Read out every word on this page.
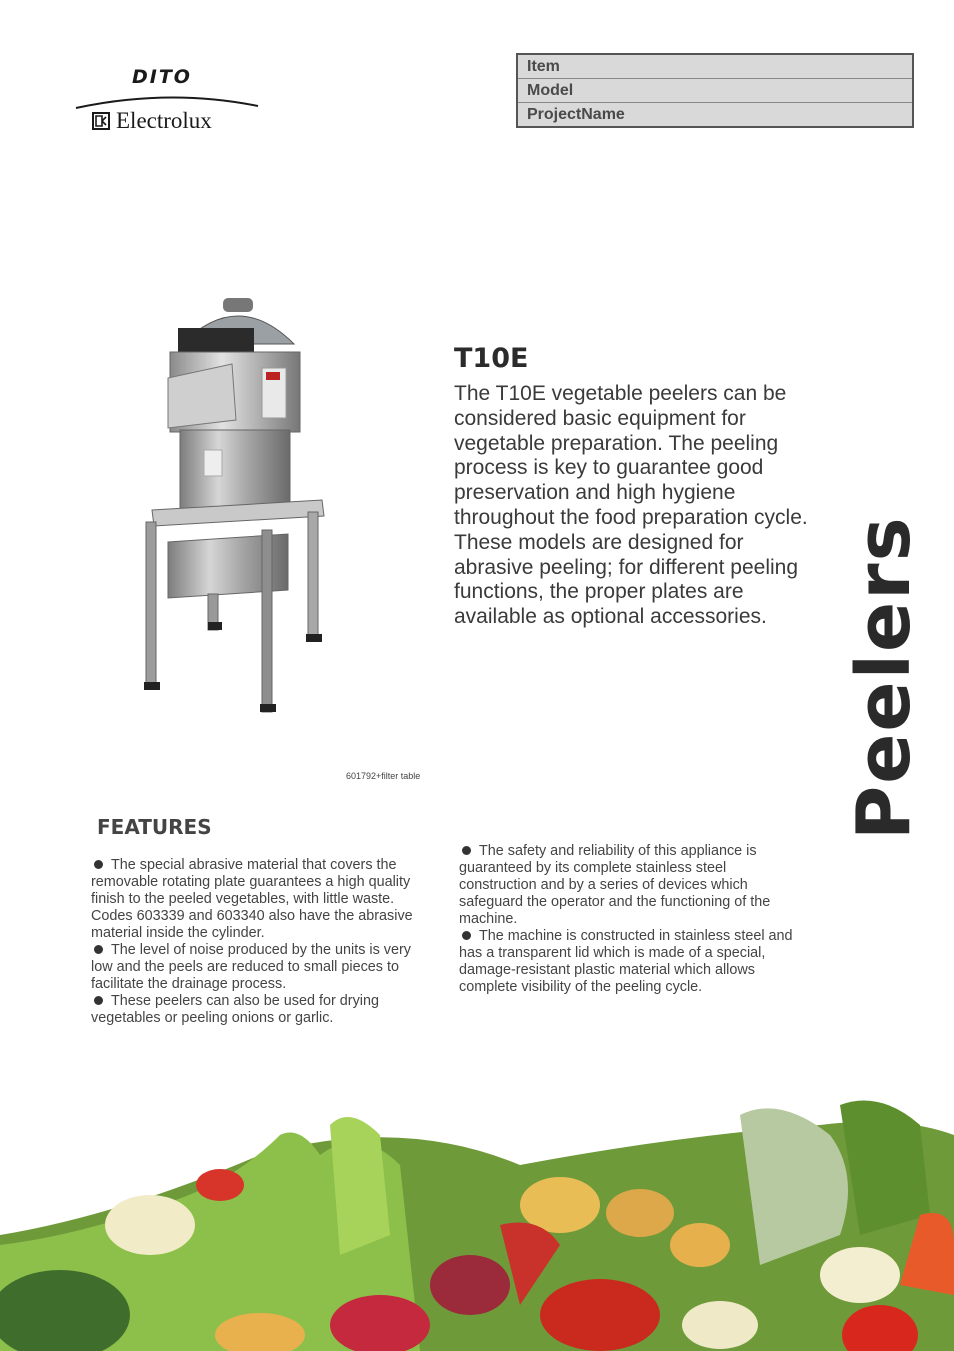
DITO
Electrolux
Item
Model
ProjectName
601792+filter table
T10E
The T10E vegetable peelers can be considered basic equipment for vegetable preparation. The peeling process is key to guarantee good preservation and high hygiene throughout the food preparation cycle. These models are designed for abrasive peeling; for different peeling functions, the proper plates are available as optional accessories.	Peelers
FEATURES
The special abrasive material that covers the removable rotating plate guarantees a high quality finish to the peeled vegetables, with little waste. Codes 603339 and 603340 also have the abrasive material inside the cylinder.
The level of noise produced by the units is very low and the peels are reduced to small pieces to facilitate the drainage process.
These peelers can also be used for drying vegetables or peeling onions or garlic.
The safety and reliability of this appliance is guaranteed by its complete stainless steel construction and by a series of devices which safeguard the operator and the functioning of the machine.
The machine is constructed in stainless steel and has a transparent lid which is made of a special, damage-resistant plastic material which allows complete visibility of the peeling cycle.
